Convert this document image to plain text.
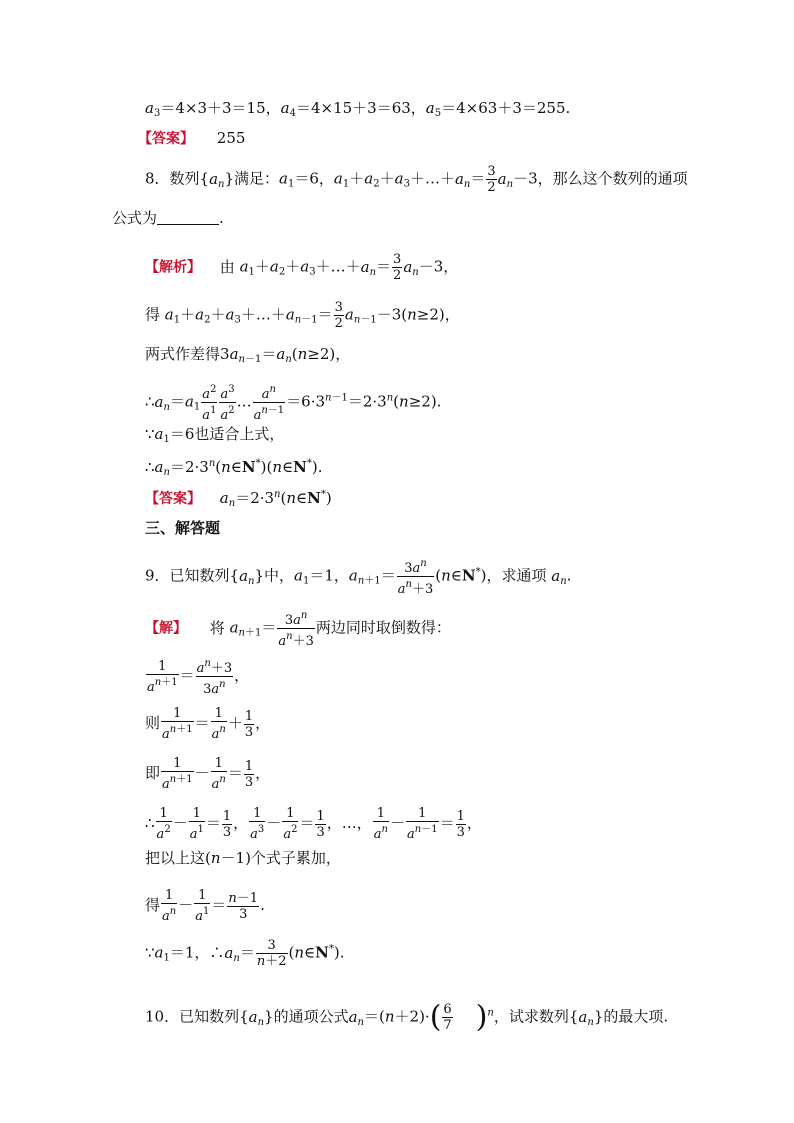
$a_3=4\times 3+3=15$，$a_4=4\times 15+3=63$，$a_5=4\times 63+3=255$.
【答案】 255
8．数列$\{a_n\}$满足：$a_1=6$，$a_1+a_2+a_3+\dots+a_n= \frac{3}{2} a_n-3$，那么这个数列的通项
公式为	.
【解析】 由 $a_1+a_2+a_3+\dots+a_n= \frac{3}{2} a_n-3$，
得 $a_1+a_2+a_3+\dots+a_{n-1}= \frac{3}{2} a_{n-1}-3(n\ge 2)$，
两式作差得$3a_{n-1}=a_n(n\ge 2)$，
$\therefore a_n=a_1 \frac{a^2}{a^1} \frac{a^3}{a^2}$ … $\frac{a^n}{a^{n-1}} =6\cdot 3^{n-1}=2\cdot 3^n(n\ge 2)$.
$\because a_1=6$也适合上式，
$\therefore a_n=2\cdot 3^n(n\in N^*)(n\in N^*)$.
【答案】 $a_n=2\cdot 3^n(n\in N^*)$
三、解答题
9．已知数列$\{a_n\}$中，$a_1=1$，$a_{n+1}= \frac{3a^n}{a^n+3}$ (n∈N*)，求通项 $a_n$.
【解】 将 $a_{n+1}= \frac{3a^n}{a^n+3}$ 两边同时取倒数得：
$\frac{1}{a^{n+1}} = \frac{a^n+3}{3a^n}$ ，
则 $\frac{1}{a^{n+1}} = \frac{1}{a^n} + \frac{1}{3}$ ，
即 $\frac{1}{a^{n+1}} - \frac{1}{a^n} = \frac{1}{3}$ ，
∴ $\frac{1}{a^2} - \frac{1}{a^1} = \frac{1}{3}$ ， $\frac{1}{a^3} - \frac{1}{a^2} = \frac{1}{3}$ ，…， $\frac{1}{a^n} - \frac{1}{a^{n-1}} = \frac{1}{3}$ ，
把以上这(n－1)个式子累加，
得 $\frac{1}{a^n} - \frac{1}{a^1} = \frac{n-1}{3}$ .
$\because a_1=1$，$\therefore a_n= \frac{3}{n+2}$ (n∈N*).
10．已知数列$\{a_n\}$的通项公式$a_n=(n+2)\cdot( \frac{6}{7} )^n$，试求数列$\{a_n\}$的最大项.
